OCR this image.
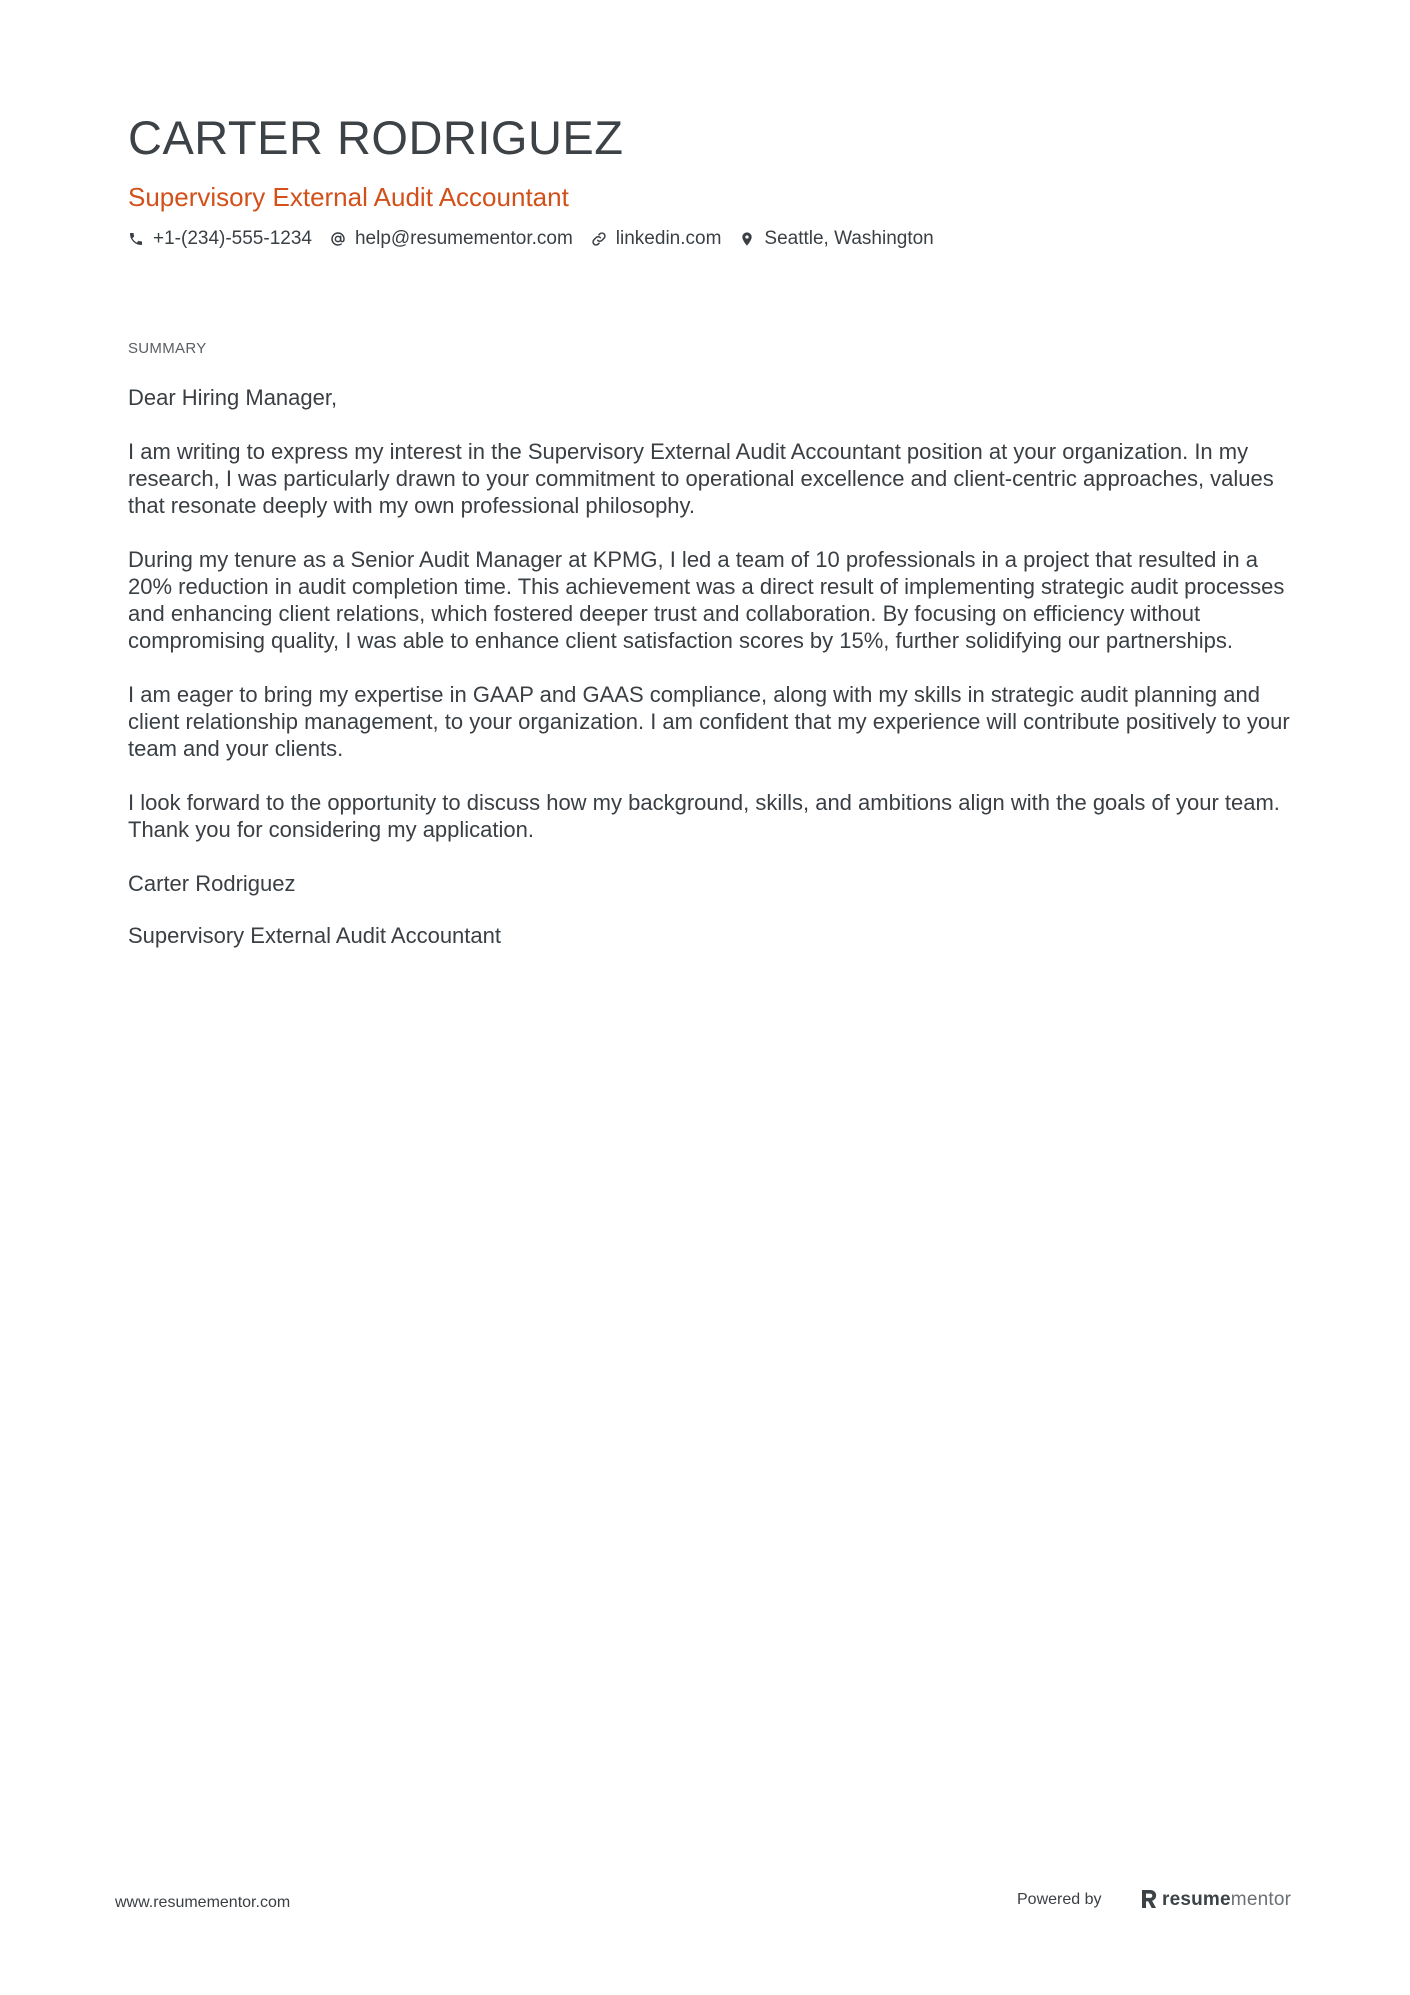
CARTER RODRIGUEZ
Supervisory External Audit Accountant
+1-(234)-555-1234 help@resumementor.com linkedin.com Seattle, Washington
SUMMARY

Dear Hiring Manager,

I am writing to express my interest in the Supervisory External Audit Accountant position at your organization. In my research, I was particularly drawn to your commitment to operational excellence and client-centric approaches, values that resonate deeply with my own professional philosophy.

During my tenure as a Senior Audit Manager at KPMG, I led a team of 10 professionals in a project that resulted in a 20% reduction in audit completion time. This achievement was a direct result of implementing strategic audit processes and enhancing client relations, which fostered deeper trust and collaboration. By focusing on efficiency without compromising quality, I was able to enhance client satisfaction scores by 15%, further solidifying our partnerships.

I am eager to bring my expertise in GAAP and GAAS compliance, along with my skills in strategic audit planning and client relationship management, to your organization. I am confident that my experience will contribute positively to your team and your clients.

I look forward to the opportunity to discuss how my background, skills, and ambitions align with the goals of your team. Thank you for considering my application.

Carter Rodriguez

Supervisory External Audit Accountant

www.resumementor.com	Powered by	resume mentor
